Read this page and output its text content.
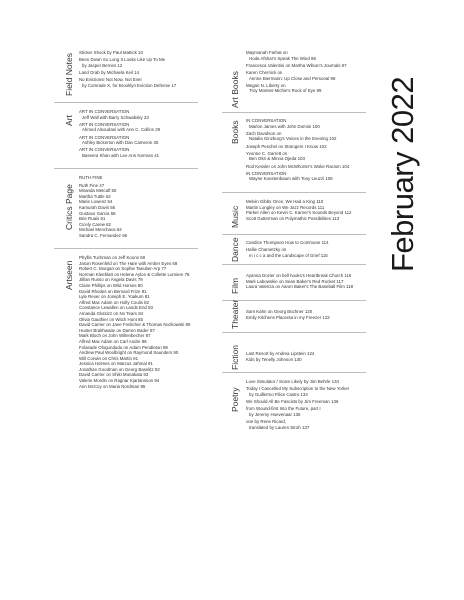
February 2022
Field Notes
Sticker Shock by Paul Mattick 10
Been Down So Long It Looks Like Up To Me
by Jasper Bernes 12
Land Grab by Michaela Keil 14
No Evictions! Not Now, Not Ever
by Comrade X, for Brooklyn Eviction Defense 17
Art
ART IN CONVERSATION
Jeff Wall with Barry Schwabsky 23
ART IN CONVERSATION
Ahmed Alsoudani with Ann C. Collins 29
ART IN CONVERSATION
Ashley Bickerton with Dan Cameron 35
ART IN CONVERSATION
Baseera Khan with Lee Ann Norman 41
Critics Page
RUTH FINE
Ruth Fine 47
Miranda Metcalf 50
Martha Tuttle 52
Marie Lowenz 54
Kamurah Davis 56
Gustavo Garcia 58
Brie Ruais 61
Cicely Carew 62
Michael Menchaca 64
Sandra C. Fernandez 66
Artseen
Phyllis Tuchman on Jeff Koons 68
Jason Rosenfeld on The Hare with Amber Eyes 68
Robert C. Morgan on Sophie Taeuber-Arp 77
Norman Kleeblatt on Helene Aylon & Collette Lumiere 78
Jillian Russo on Angela Davis 79
Claire Phillips on Wild Horses 80
David Rhodes on Bernard Frize 81
Lyle Rexer on Joseph E. Yoakum 81
Alfred Mac Adam on Holly Coulis 82
Constance Lewallen on Lands End 83
Amanda Glutsizz on No Tears 84
Olivia Gauthier on Witch Hunt 85
David Carrier on Jane Freilicher & Thomas Nozkowski 86
Hunter Braithwaite on Darren Bader 87
Mark Bloch on John Willenbecher 87
Alfred Mac Adam on Carl Andre 88
Folasade Ologundudu on Adam Pendleton 89
Andrew Paul Woolbright on Raymond Saunders 90
Will Corwin on Chris Martin 91
Jessica Holmes on Marcus Jahmal 91
Jonathan Goodman on Georg Baselitz 92
David Carrier on Shiki Munakata 93
Valerie Mordin on Ragnar Kjartansson 94
Ann McCoy on Maria Nordman 95
Art Books
Maymanah Farhat on
Hoda Afshar's Speak The Wind 96
Francesca Valentini on Martha Wilson's Journals 97
Karen Chernick on
Aenne Biermann: Up Close and Personal 98
Megan N. Liberty on
Troy Montes-Michie's Rock of Eye 99
Books IN CONVERSATION
Marlon James with John Domini 100
Zach Davidson on
Natalia Ginzburg's Voices in the Evening 102
Joseph Peschel on Strangers I Know 102
Yvonne C. Garrett on
Ben Okri & Minna Ojeda 103
Rod Kessler on John McWhorter's Woke Racism 104
IN CONVERSATION
Wayne Koestenbaum with Tony Leuzzi 106
Music
Melvin Gibbs Once, We Had a King 110
Martin Longley on We Jazz Records 111
Parker Allen on Kevin C. Karner's Sounds Beyond 112
Scott Gutterman on Polymathic Possibilities 113
Dance Candice Thompson How to Commune 114
Hallie Chametzky on
m i c c a and the Landscape of Grief 115
Film
Ayanna Dozier on bell hooks's Heartbreak Church 116
Mark Labowskie on Sean Baker's Red Rocket 117
Laura Valenza on Aaron Baker's The Baseball Film 118
Theater Sam Kahn on Georg Büchner 120
Emily Kitchens Placenta in my Freezer 122
Fiction Last Resort by Andrea Lipstein 124
Kids by Tenelly Johnson 130
Poetry
Love Simulator / Scam Likely by Jim Behrle 134
Today I Cancelled My Subscription to the New Yorker
by Guillermo Filice Castro 134
We Should All Be Fascists by Jim Freeman 136
from Wound-first Into the Future, part I
by Jeremy Hoevenaar 136
one by Rene Ricard,
translated by Lauren Stroh 137
